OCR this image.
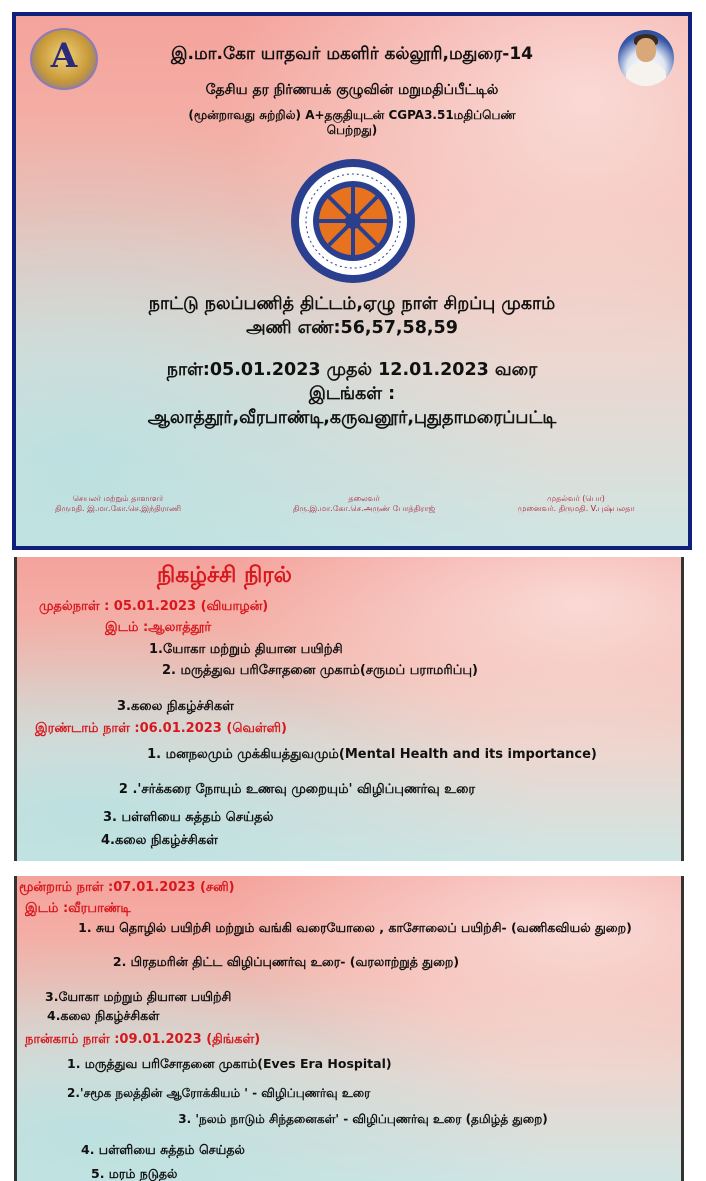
A	இ.மா.கோ யாதவர் மகளிர் கல்லூரி,மதுரை-14
தேசிய தர நிர்ணயக் குழுவின் மறுமதிப்பீட்டில்
(மூன்றாவது சுற்றில்) A+தகுதியுடன் CGPA3.51மதிப்பெண் பெற்றது)
நாட்டு நலப்பணித் திட்டம்,ஏழு நாள் சிறப்பு முகாம்
அணி எண்:56,57,58,59
நாள்:05.01.2023 முதல் 12.01.2023 வரை
இடங்கள் :
ஆலாத்தூர்,வீரபாண்டி,கருவனூர்,புதுதாமரைப்பட்டி
செயலர் மற்றும் தாளாளர்
திருமதி. இ.மா.கோ.செ.இந்திராணி
தலைவர்
திரு.இ.மா.கோ.செ.அருண் போத்திராஜ்
முதல்வர் (பொ)
முனைவர். திருமதி. V.புஷ்பலதா
நிகழ்ச்சி நிரல்
முதல்நாள் : 05.01.2023 (வியாழன்)
இடம் :ஆலாத்தூர்
1.யோகா மற்றும் தியான பயிற்சி
2. மருத்துவ பரிசோதனை முகாம்(சருமப் பராமரிப்பு)
3.கலை நிகழ்ச்சிகள்
இரண்டாம் நாள் :06.01.2023 (வெள்ளி)
1. மனநலமும் முக்கியத்துவமும்(Mental Health and its importance)
2 .'சர்க்கரை நோயும் உணவு முறையும்' விழிப்புணர்வு உரை
3. பள்ளியை சுத்தம் செய்தல்
4.கலை நிகழ்ச்சிகள்
மூன்றாம் நாள் :07.01.2023 (சனி)
இடம் :வீரபாண்டி
1. சுய தொழில் பயிற்சி மற்றும் வங்கி வரையோலை , காசோலைப் பயிற்சி- (வணிகவியல் துறை)
2. பிரதமரின் திட்ட விழிப்புணர்வு உரை- (வரலாற்றுத் துறை)
3.யோகா மற்றும் தியான பயிற்சி
4.கலை நிகழ்ச்சிகள்
நான்காம் நாள் :09.01.2023 (திங்கள்)
1. மருத்துவ பரிசோதனை முகாம்(Eves Era Hospital)
2.'சமூக நலத்தின் ஆரோக்கியம் ' - விழிப்புணர்வு உரை
3. 'நலம் நாடும் சிந்தனைகள்' - விழிப்புணர்வு உரை (தமிழ்த் துறை)
4. பள்ளியை சுத்தம் செய்தல்
5. மரம் நடுதல்
